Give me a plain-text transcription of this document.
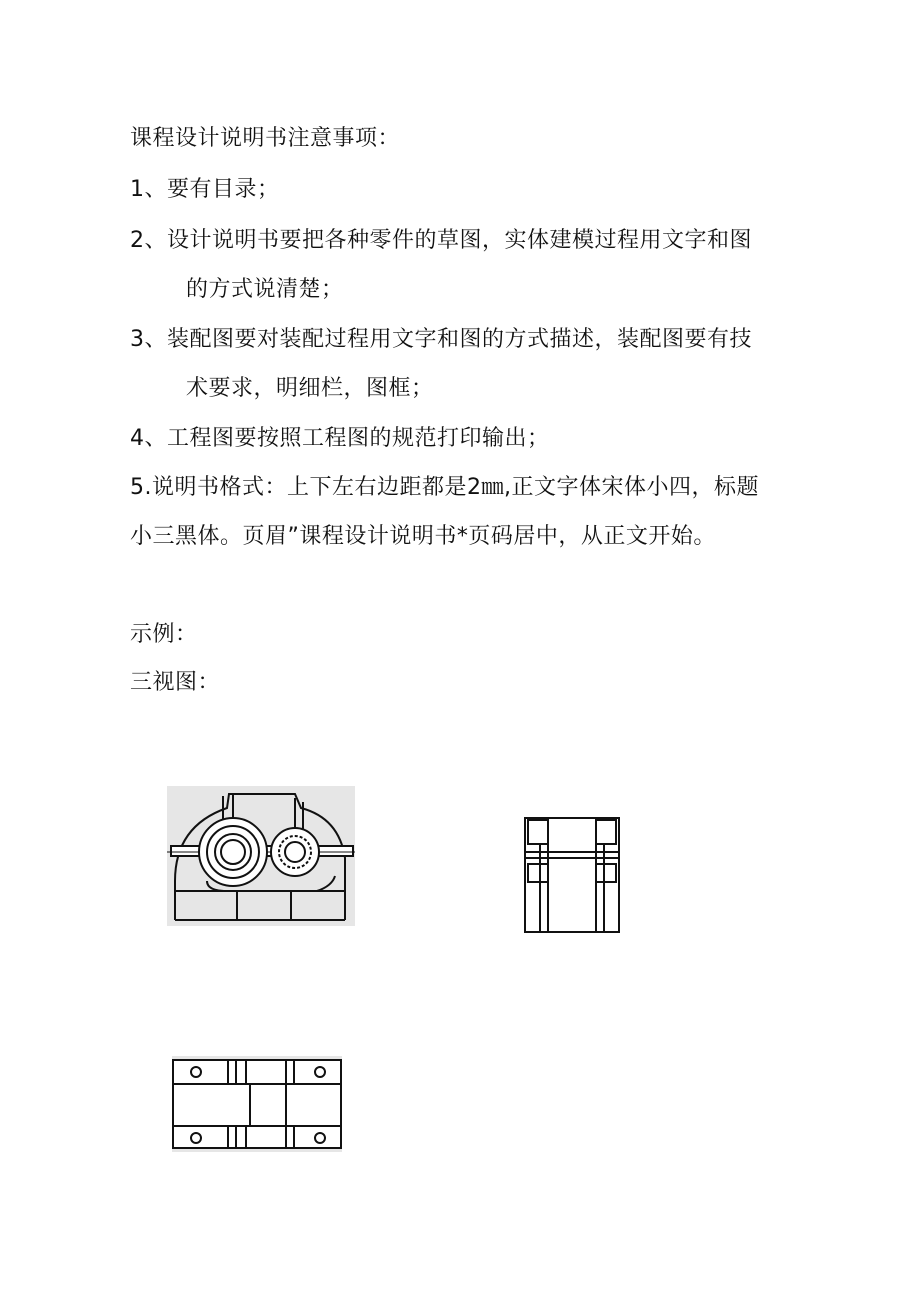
课程设计说明书注意事项：
1、要有目录；
2、设计说明书要把各种零件的草图，实体建模过程用文字和图
的方式说清楚；
3、装配图要对装配过程用文字和图的方式描述，装配图要有技
术要求，明细栏，图框；
4、工程图要按照工程图的规范打印输出；
5.说明书格式：上下左右边距都是2㎜,正文字体宋体小四，标题
小三黑体。页眉”课程设计说明书*页码居中，从正文开始。
示例：
三视图：
